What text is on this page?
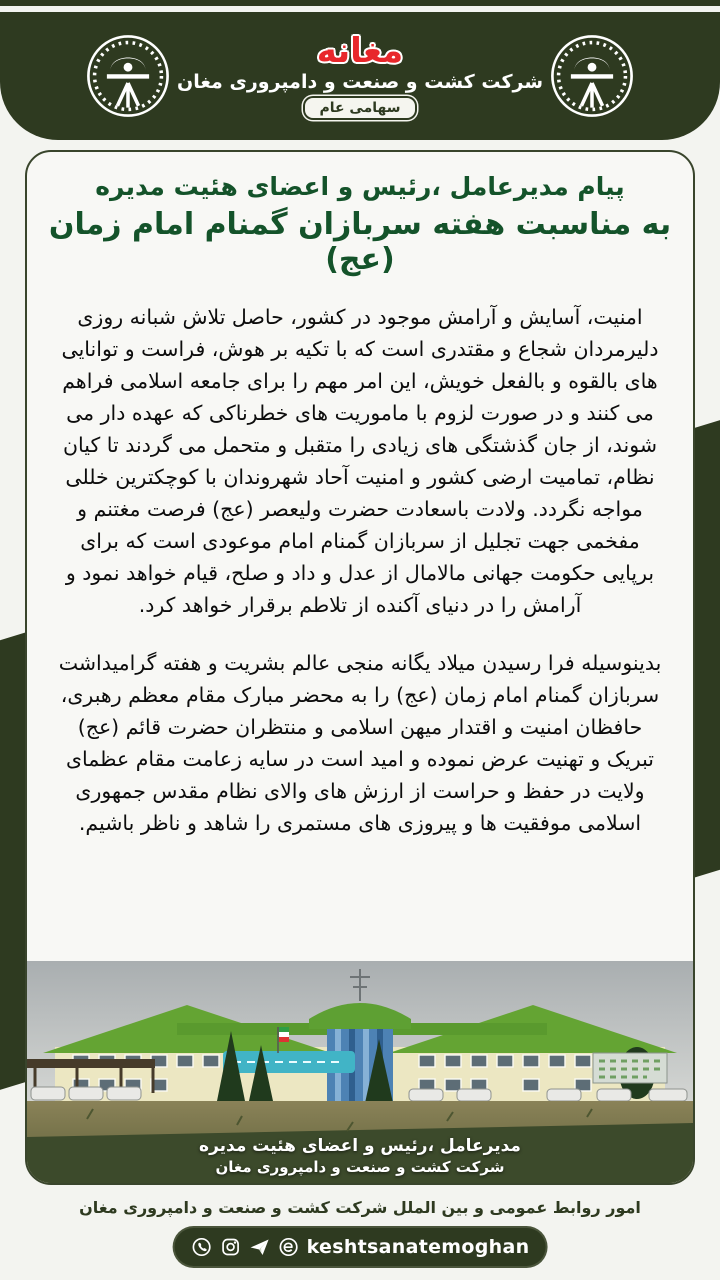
مغانه
شرکت کشت و صنعت و دامپروری مغان
سهامی عام
پیام مدیرعامل ،رئیس و اعضای هئیت مدیره
به مناسبت هفته سربازان گمنام امام زمان (عج)

امنیت، آسایش و آرامش موجود در کشور، حاصل تلاش شبانه روزی دلیرمردان شجاع و مقتدری است که با تکیه بر هوش، فراست و توانایی های بالقوه و بالفعل خویش، این امر مهم را برای جامعه اسلامی فراهم می کنند و در صورت لزوم با ماموریت های خطرناکی که عهده دار می شوند، از جان گذشتگی های زیادی را متقبل و متحمل می گردند تا کیان نظام، تمامیت ارضی کشور و امنیت آحاد شهروندان با کوچکترین خللی مواجه نگردد. ولادت باسعادت حضرت ولیعصر (عج) فرصت مغتنم و مفخمی جهت تجلیل از سربازان گمنام امام موعودی است که برای برپایی حکومت جهانی مالامال از عدل و داد و صلح، قیام خواهد نمود و آرامش را در دنیای آکنده از تلاطم برقرار خواهد کرد.

بدینوسیله فرا رسیدن میلاد یگانه منجی عالم بشریت و هفته گرامیداشت سربازان گمنام امام زمان (عج) را به محضر مبارک مقام معظم رهبری، حافظان امنیت و اقتدار میهن اسلامی و منتظران حضرت قائم (عج) تبریک و تهنیت عرض نموده و امید است در سایه زعامت مقام عظمای ولایت در حفظ و حراست از ارزش های والای نظام مقدس جمهوری اسلامی موفقیت ها و پیروزی های مستمری را شاهد و ناظر باشیم.

مدیرعامل ،رئیس و اعضای هئیت مدیره
شرکت کشت و صنعت و دامپروری مغان
امور روابط عمومی و بین الملل شرکت کشت و صنعت و دامپروری مغان
keshtsanatemoghan
